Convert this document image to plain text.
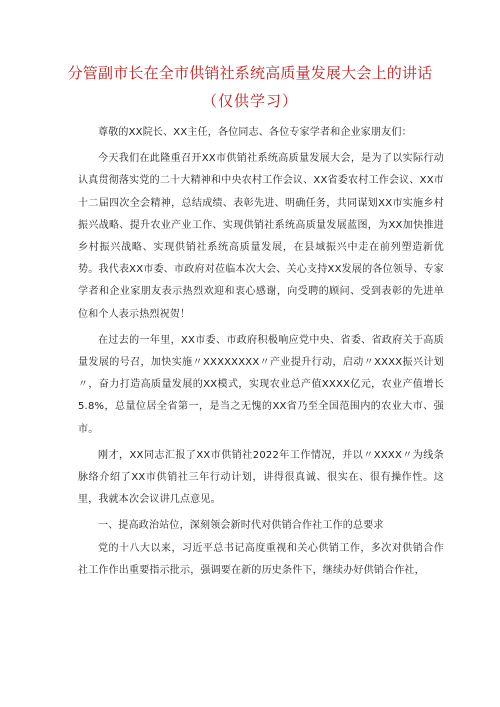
分管副市长在全市供销社系统高质量发展大会上的讲话
（仅供学习）

尊敬的XX院长、XX主任，各位同志、各位专家学者和企业家朋友们：

今天我们在此隆重召开XX市供销社系统高质量发展大会，是为了以实际行动认真贯彻落实党的二十大精神和中央农村工作会议、XX省委农村工作会议、XX市十二届四次全会精神，总结成绩、表彰先进、明确任务，共同谋划XX市实施乡村振兴战略、提升农业产业工作、实现供销社系统高质量发展蓝图，为XX加快推进乡村振兴战略、实现供销社系统高质量发展，在县域振兴中走在前列塑造新优势。我代表XX市委、市政府对莅临本次大会、关心支持XX发展的各位领导、专家学者和企业家朋友表示热烈欢迎和衷心感谢，向受聘的顾问、受到表彰的先进单位和个人表示热烈祝贺！

在过去的一年里，XX市委、市政府积极响应党中央、省委、省政府关于高质量发展的号召，加快实施〃XXXXXXXX〃产业提升行动，启动〃XXXX振兴计划〃，奋力打造高质量发展的XX模式，实现农业总产值XXXX亿元，农业产值增长5.8%，总量位居全省第一，是当之无愧的XX省乃至全国范围内的农业大市、强市。

刚才，XX同志汇报了XX市供销社2022年工作情况，并以〃XXXX〃为线条脉络介绍了XX市供销社三年行动计划，讲得很真诚、很实在、很有操作性。这里，我就本次会议讲几点意见。

一、提高政治站位，深刻领会新时代对供销合作社工作的总要求

党的十八大以来，习近平总书记高度重视和关心供销工作，多次对供销合作社工作作出重要指示批示，强调要在新的历史条件下，继续办好供销合作社，
